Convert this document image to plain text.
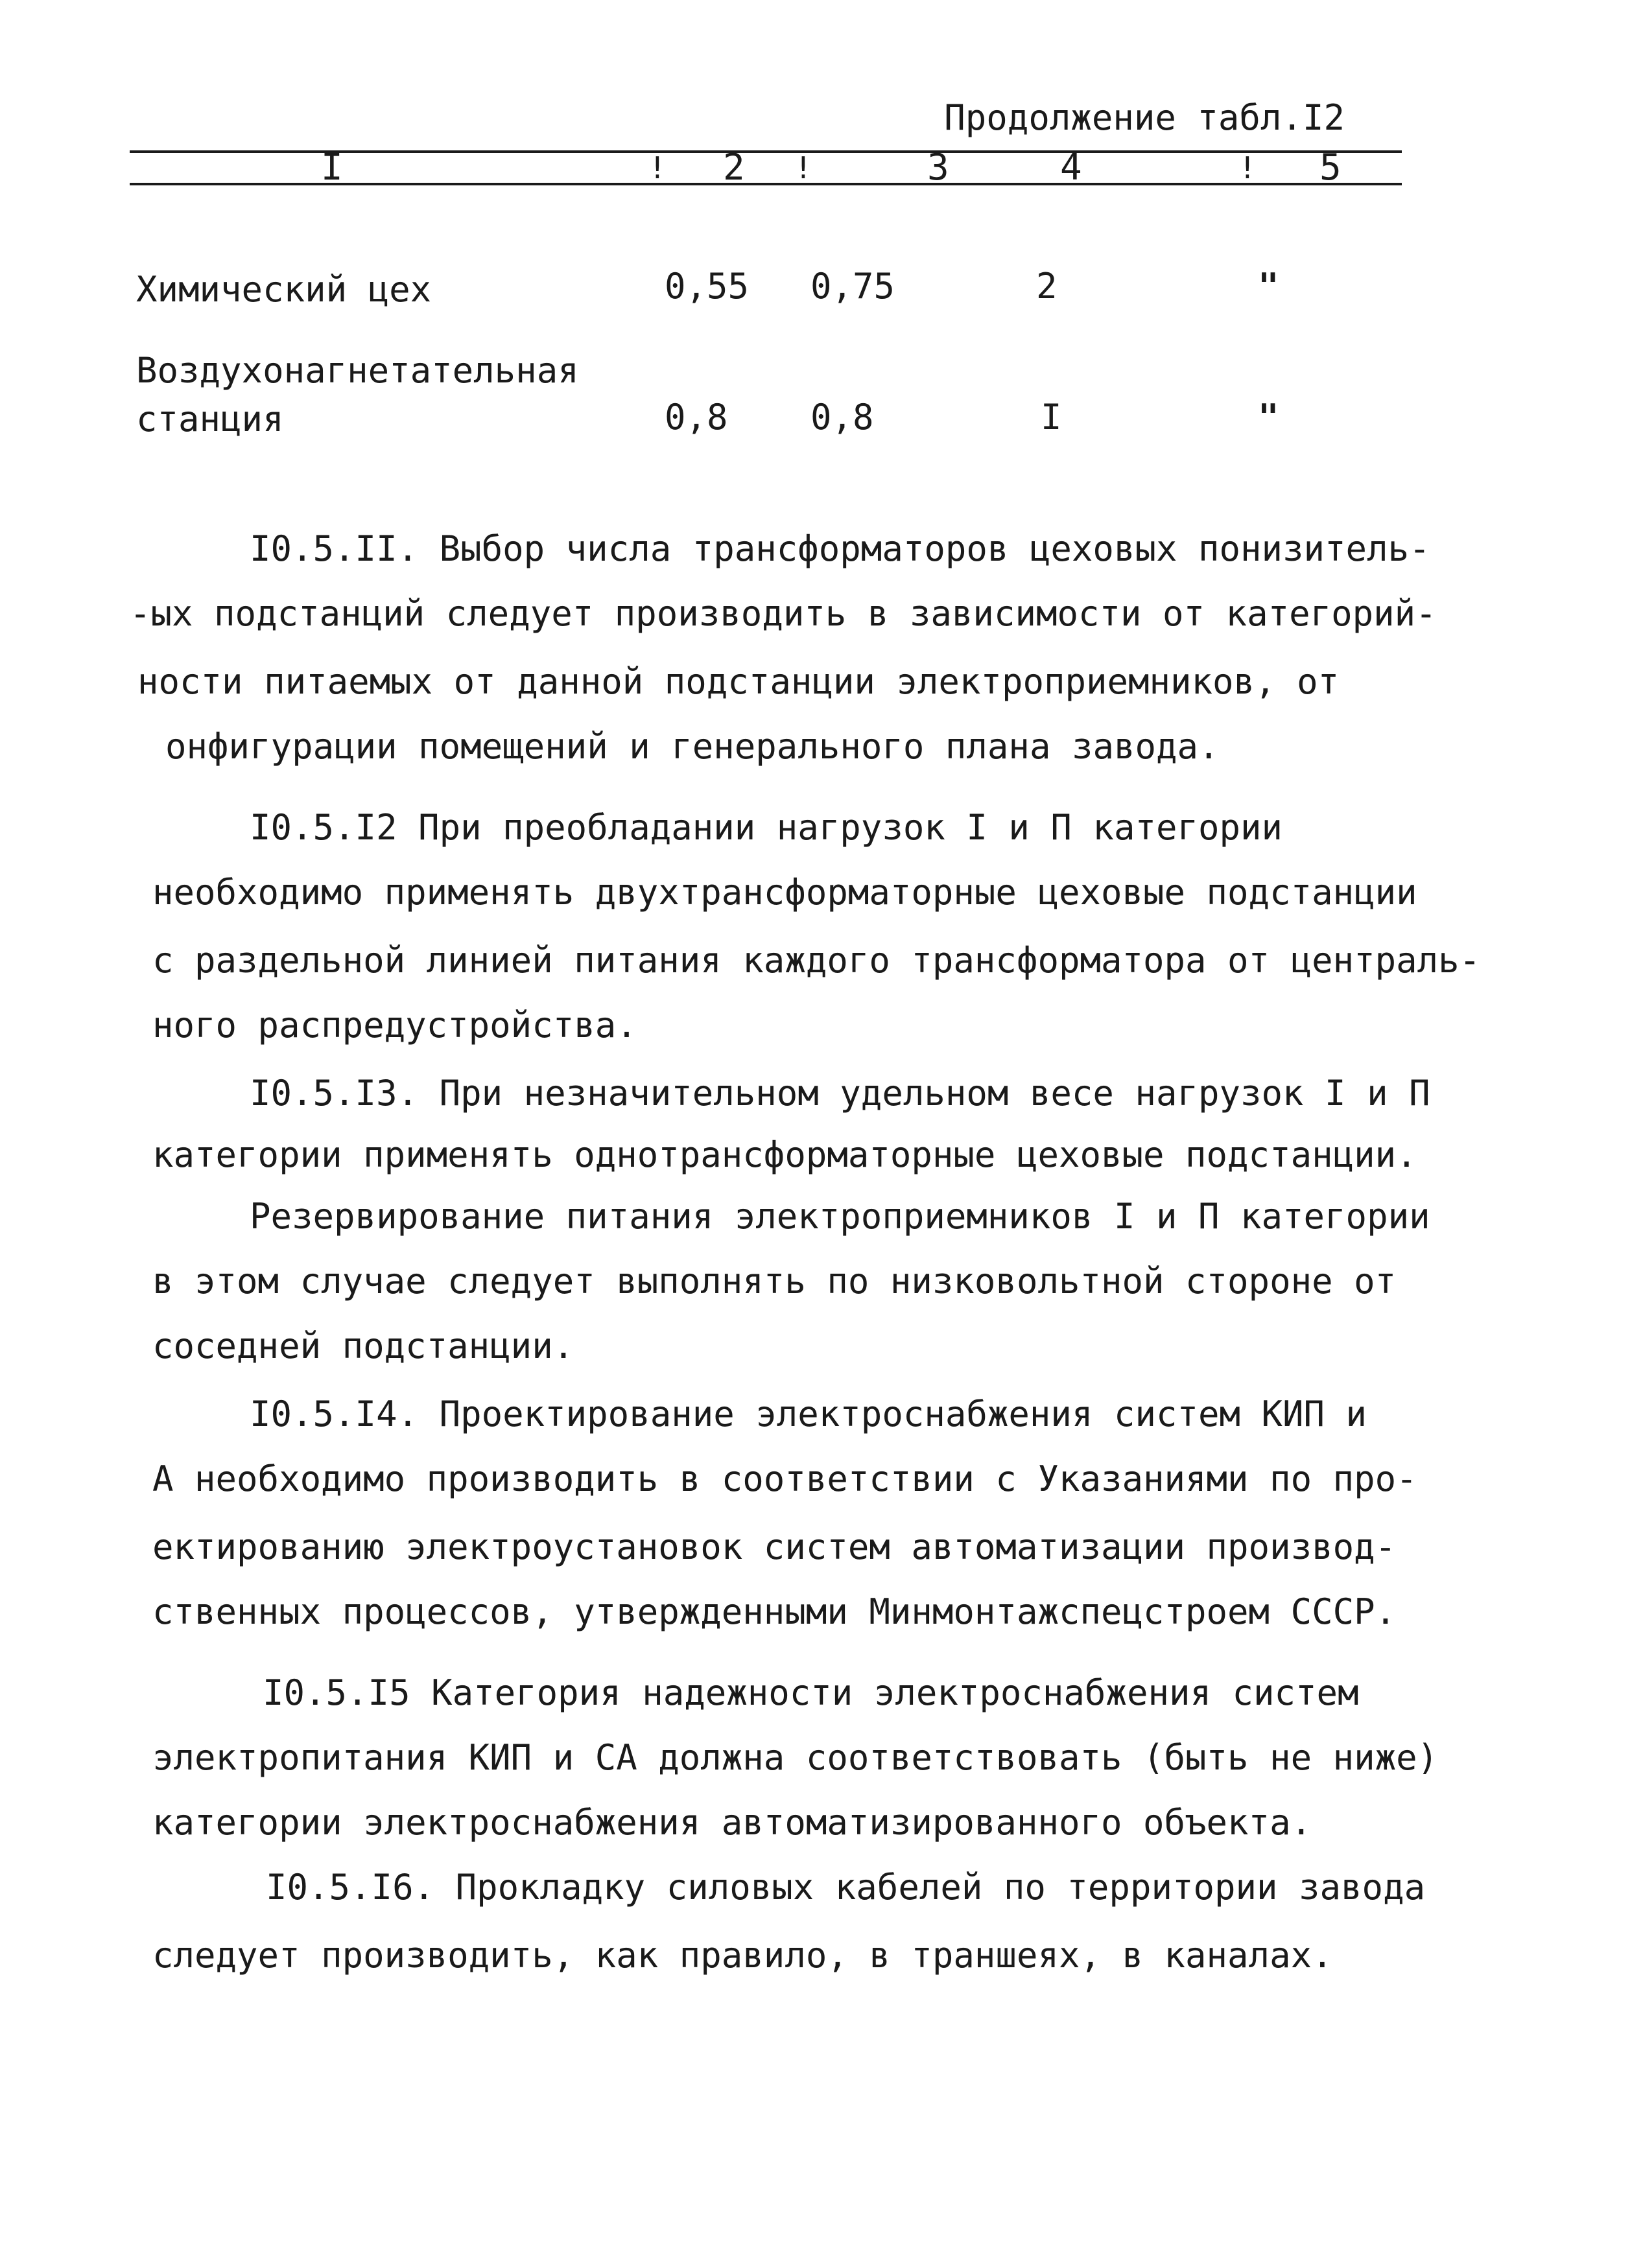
Продолжение табл.I2
I	! 2 !	3	4	! 5
Химический цех	0,55 0,75	2	"
Воздухонагнетательная
станция	0,8 0,8	I	"
I0.5.II. Выбор числа трансформаторов цеховых понизитель-
-ых подстанций следует производить в зависимости от категорий-
ности питаемых от данной подстанции электроприемников, от
онфигурации помещений и генерального плана завода.
I0.5.I2 При преобладании нагрузок I и П категории
необходимо применять двухтрансформаторные цеховые подстанции
с раздельной линией питания каждого трансформатора от централь-
ного распредустройства.
I0.5.I3. При незначительном удельном весе нагрузок I и П
категории применять однотрансформаторные цеховые подстанции.
Резервирование питания электроприемников I и П категории
в этом случае следует выполнять по низковольтной стороне от
соседней подстанции.
I0.5.I4. Проектирование электроснабжения систем КИП и
А необходимо производить в соответствии с Указаниями по про-
ектированию электроустановок систем автоматизации производ-
ственных процессов, утвержденными Минмонтажспецстроем СССР.
I0.5.I5 Категория надежности электроснабжения систем
электропитания КИП и СА должна соответствовать (быть не ниже)
категории электроснабжения автоматизированного объекта.
I0.5.I6. Прокладку силовых кабелей по территории завода
следует производить, как правило, в траншеях, в каналах.
